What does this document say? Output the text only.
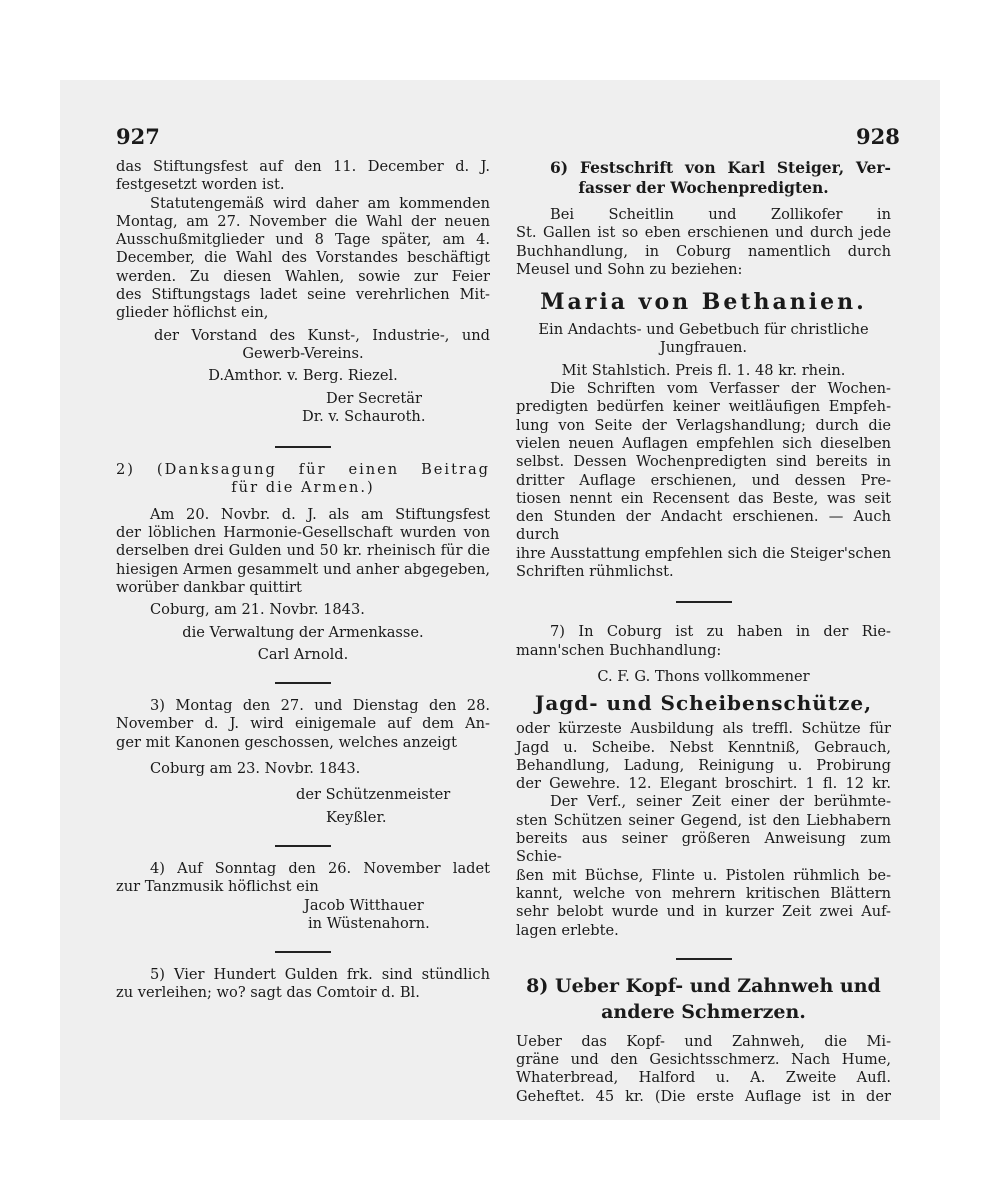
927	928

das Stiftungsfest auf den 11. December d. J.

festgesetzt worden ist.

Statutengemäß wird daher am kommenden

Montag, am 27. November die Wahl der neuen

Ausschußmitglieder und 8 Tage später, am 4.

December, die Wahl des Vorstandes beschäftigt

werden. Zu diesen Wahlen, sowie zur Feier

des Stiftungstags ladet seine verehrlichen Mit-

glieder höflichst ein,

der Vorstand des Kunst-, Industrie-, und

Gewerb-Vereins.

D.Amthor. v. Berg. Riezel.

Der Secretär

Dr. v. Schauroth.

2) (Danksagung für einen Beitrag

für die Armen.)

Am 20. Novbr. d. J. als am Stiftungsfest

der löblichen Harmonie-Gesellschaft wurden von

derselben drei Gulden und 50 kr. rheinisch für die

hiesigen Armen gesammelt und anher abgegeben,

worüber dankbar quittirt

Coburg, am 21. Novbr. 1843.

die Verwaltung der Armenkasse.

Carl Arnold.

3) Montag den 27. und Dienstag den 28.

November d. J. wird einigemale auf dem An-

ger mit Kanonen geschossen, welches anzeigt

Coburg am 23. Novbr. 1843.

der Schützenmeister

Keyßler.

4) Auf Sonntag den 26. November ladet

zur Tanzmusik höflichst ein

Jacob Witthauer

in Wüstenahorn.

5) Vier Hundert Gulden frk. sind stündlich

zu verleihen; wo? sagt das Comtoir d. Bl.

6) Festschrift von Karl Steiger, Ver-

fasser der Wochenpredigten.

Bei Scheitlin und Zollikofer in

St. Gallen ist so eben erschienen und durch jede

Buchhandlung, in Coburg namentlich durch

Meusel und Sohn zu beziehen:

Maria von Bethanien.

Ein Andachts- und Gebetbuch für christliche

Jungfrauen.

Mit Stahlstich. Preis fl. 1. 48 kr. rhein.

Die Schriften vom Verfasser der Wochen-

predigten bedürfen keiner weitläufigen Empfeh-

lung von Seite der Verlagshandlung; durch die

vielen neuen Auflagen empfehlen sich dieselben

selbst. Dessen Wochenpredigten sind bereits in

dritter Auflage erschienen, und dessen Pre-

tiosen nennt ein Recensent das Beste, was seit

den Stunden der Andacht erschienen. — Auch durch

ihre Ausstattung empfehlen sich die Steiger'schen

Schriften rühmlichst.

7) In Coburg ist zu haben in der Rie-

mann'schen Buchhandlung:

C. F. G. Thons vollkommener

Jagd- und Scheibenschütze,

oder kürzeste Ausbildung als treffl. Schütze für

Jagd u. Scheibe. Nebst Kenntniß, Gebrauch,

Behandlung, Ladung, Reinigung u. Probirung

der Gewehre. 12. Elegant broschirt. 1 fl. 12 kr.

Der Verf., seiner Zeit einer der berühmte-

sten Schützen seiner Gegend, ist den Liebhabern

bereits aus seiner größeren Anweisung zum Schie-

ßen mit Büchse, Flinte u. Pistolen rühmlich be-

kannt, welche von mehrern kritischen Blättern

sehr belobt wurde und in kurzer Zeit zwei Auf-

lagen erlebte.

8) Ueber Kopf- und Zahnweh und

andere Schmerzen.

Ueber das Kopf- und Zahnweh, die Mi-

gräne und den Gesichtsschmerz. Nach Hume,

Whaterbread, Halford u. A. Zweite Aufl.

Geheftet. 45 kr. (Die erste Auflage ist in der
